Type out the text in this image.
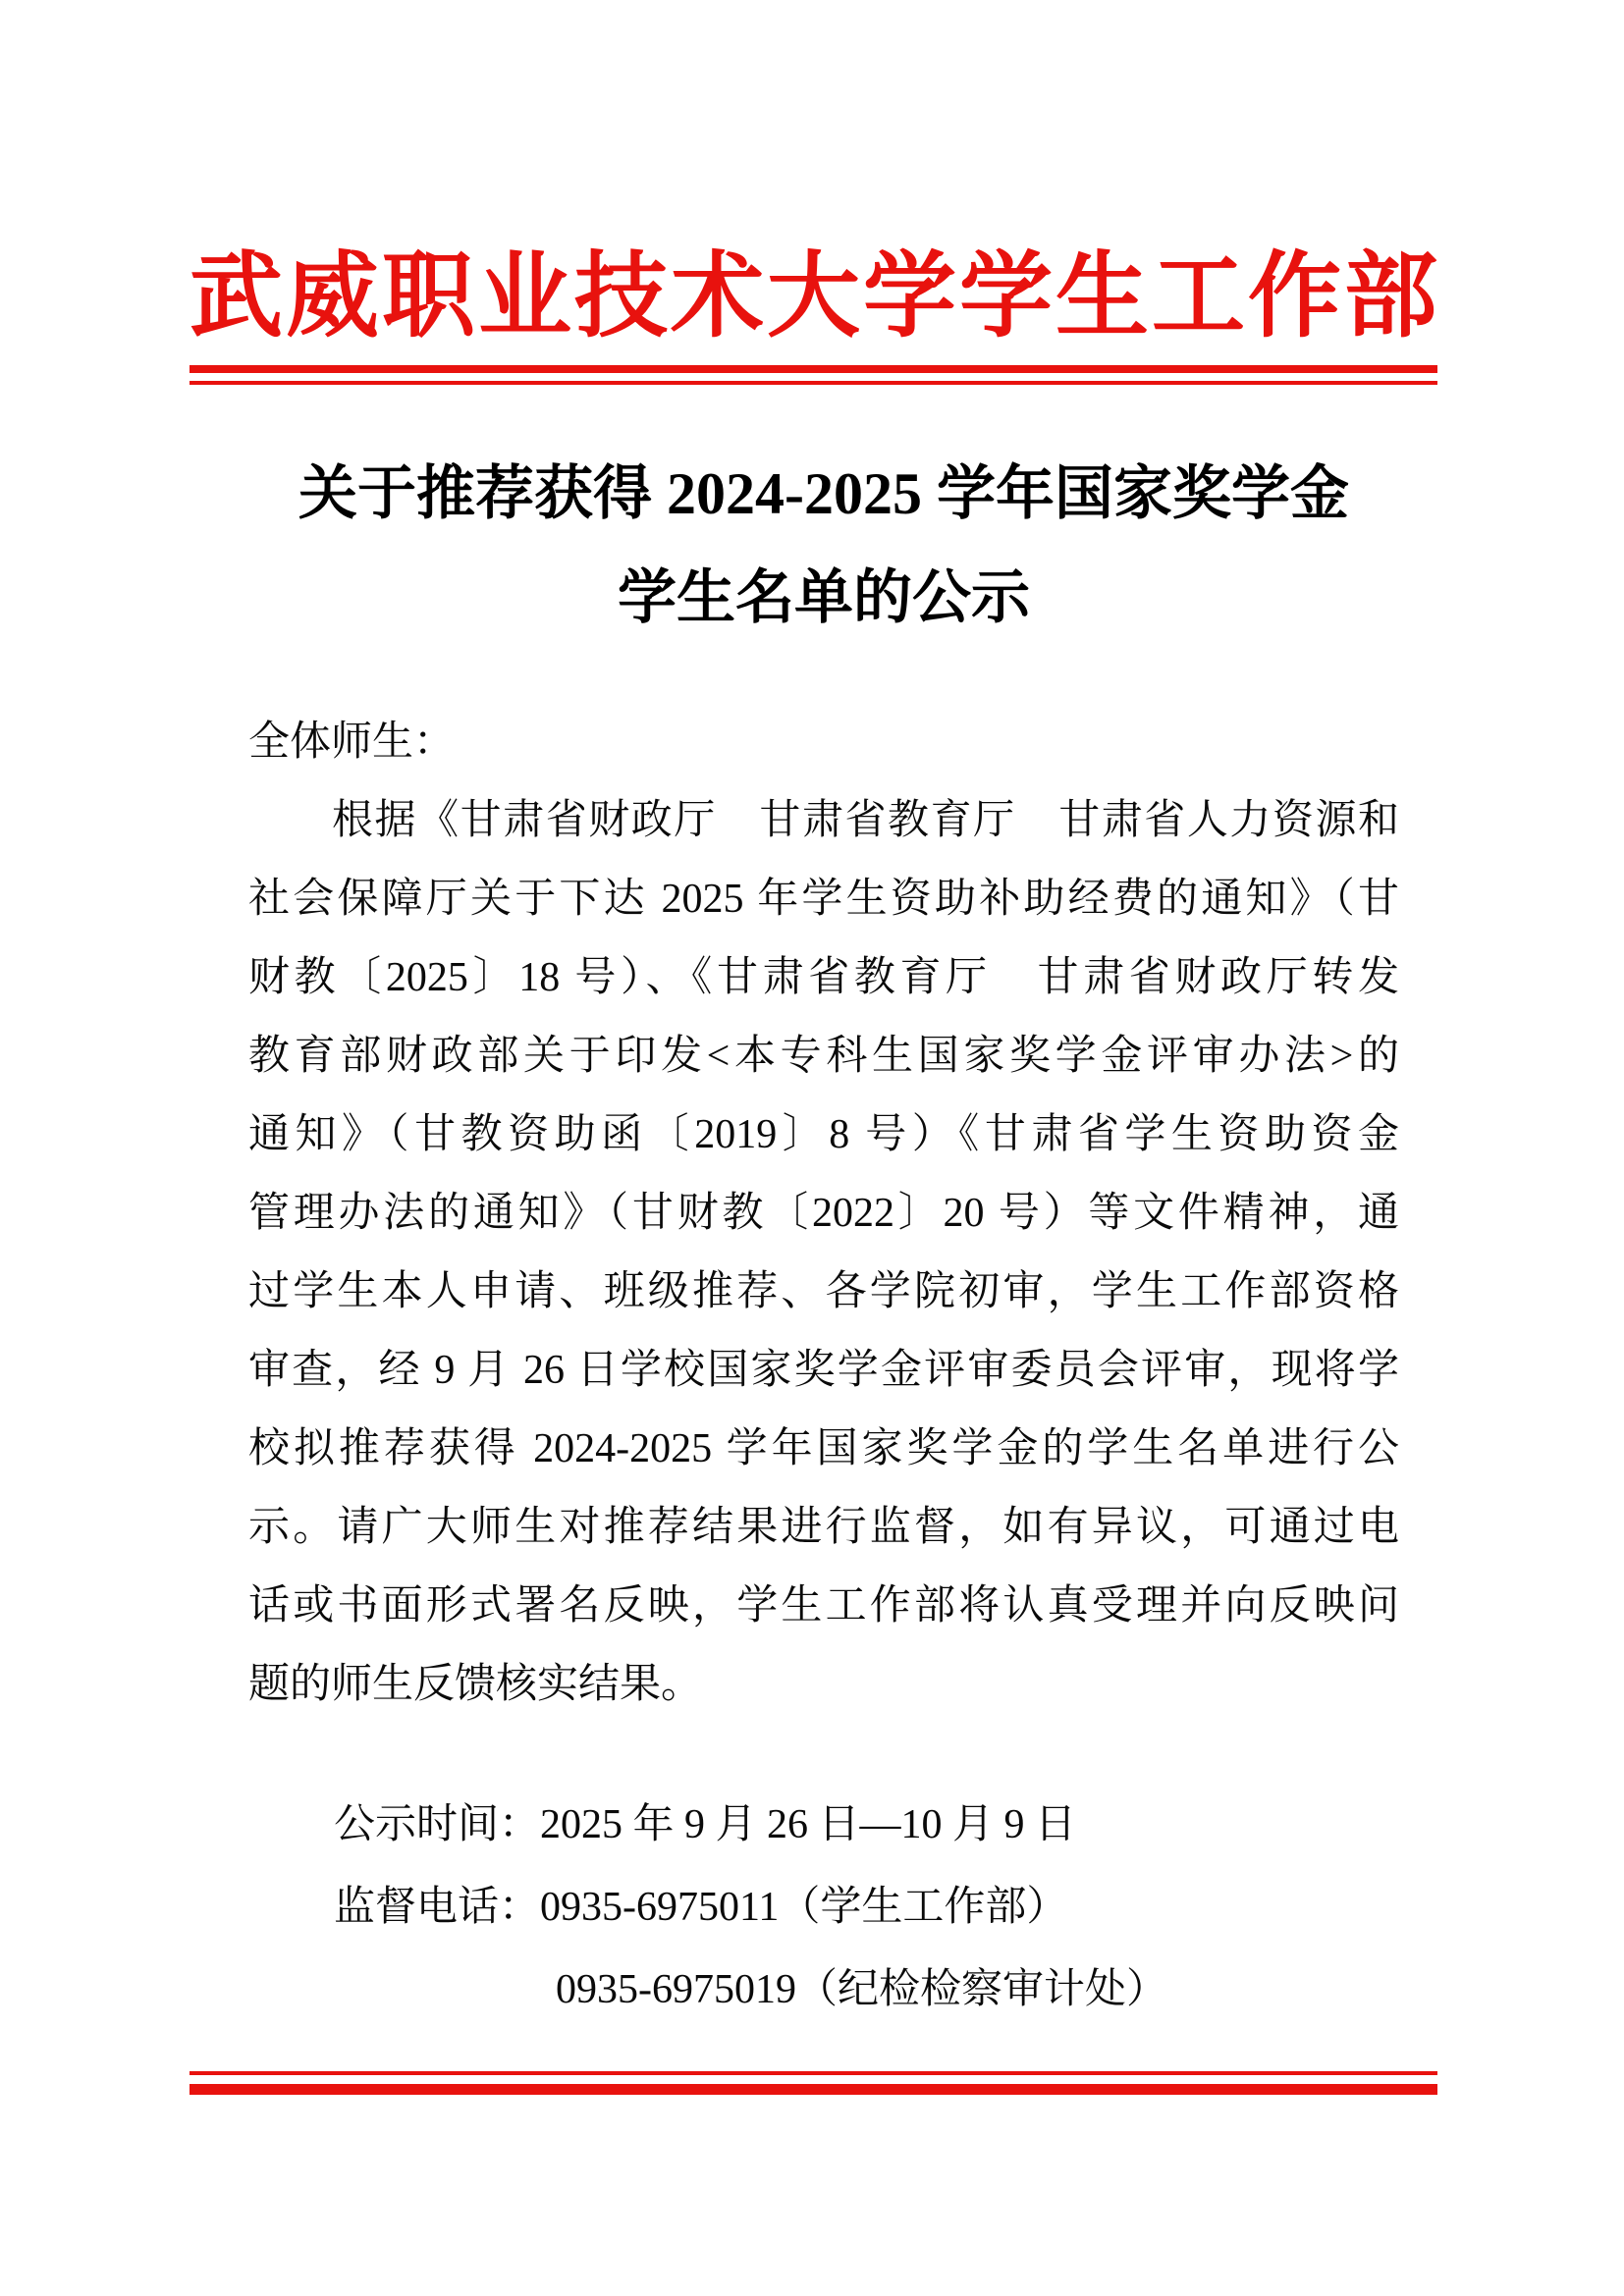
武威职业技术大学学生工作部
关于推荐获得 2024-2025 学年国家奖学金
学生名单的公示
全体师生：
根据《甘肃省财政厅　甘肃省教育厅　甘肃省人力资源和
社会保障厅关于下达 2025 年学生资助补助经费的通知》（甘
财教〔2025〕18 号）、《甘肃省教育厅　甘肃省财政厅转发
教育部财政部关于印发<本专科生国家奖学金评审办法>的
通知》（甘教资助函〔2019〕8 号）《甘肃省学生资助资金
管理办法的通知》（甘财教〔2022〕20 号）等文件精神，通
过学生本人申请、班级推荐、各学院初审，学生工作部资格
审查，经 9 月 26 日学校国家奖学金评审委员会评审，现将学
校拟推荐获得 2024-2025 学年国家奖学金的学生名单进行公
示。请广大师生对推荐结果进行监督，如有异议，可通过电
话或书面形式署名反映，学生工作部将认真受理并向反映问
题的师生反馈核实结果。
公示时间：2025 年 9 月 26 日—10 月 9 日
监督电话：0935-6975011（学生工作部）
0935-6975019（纪检检察审计处）
